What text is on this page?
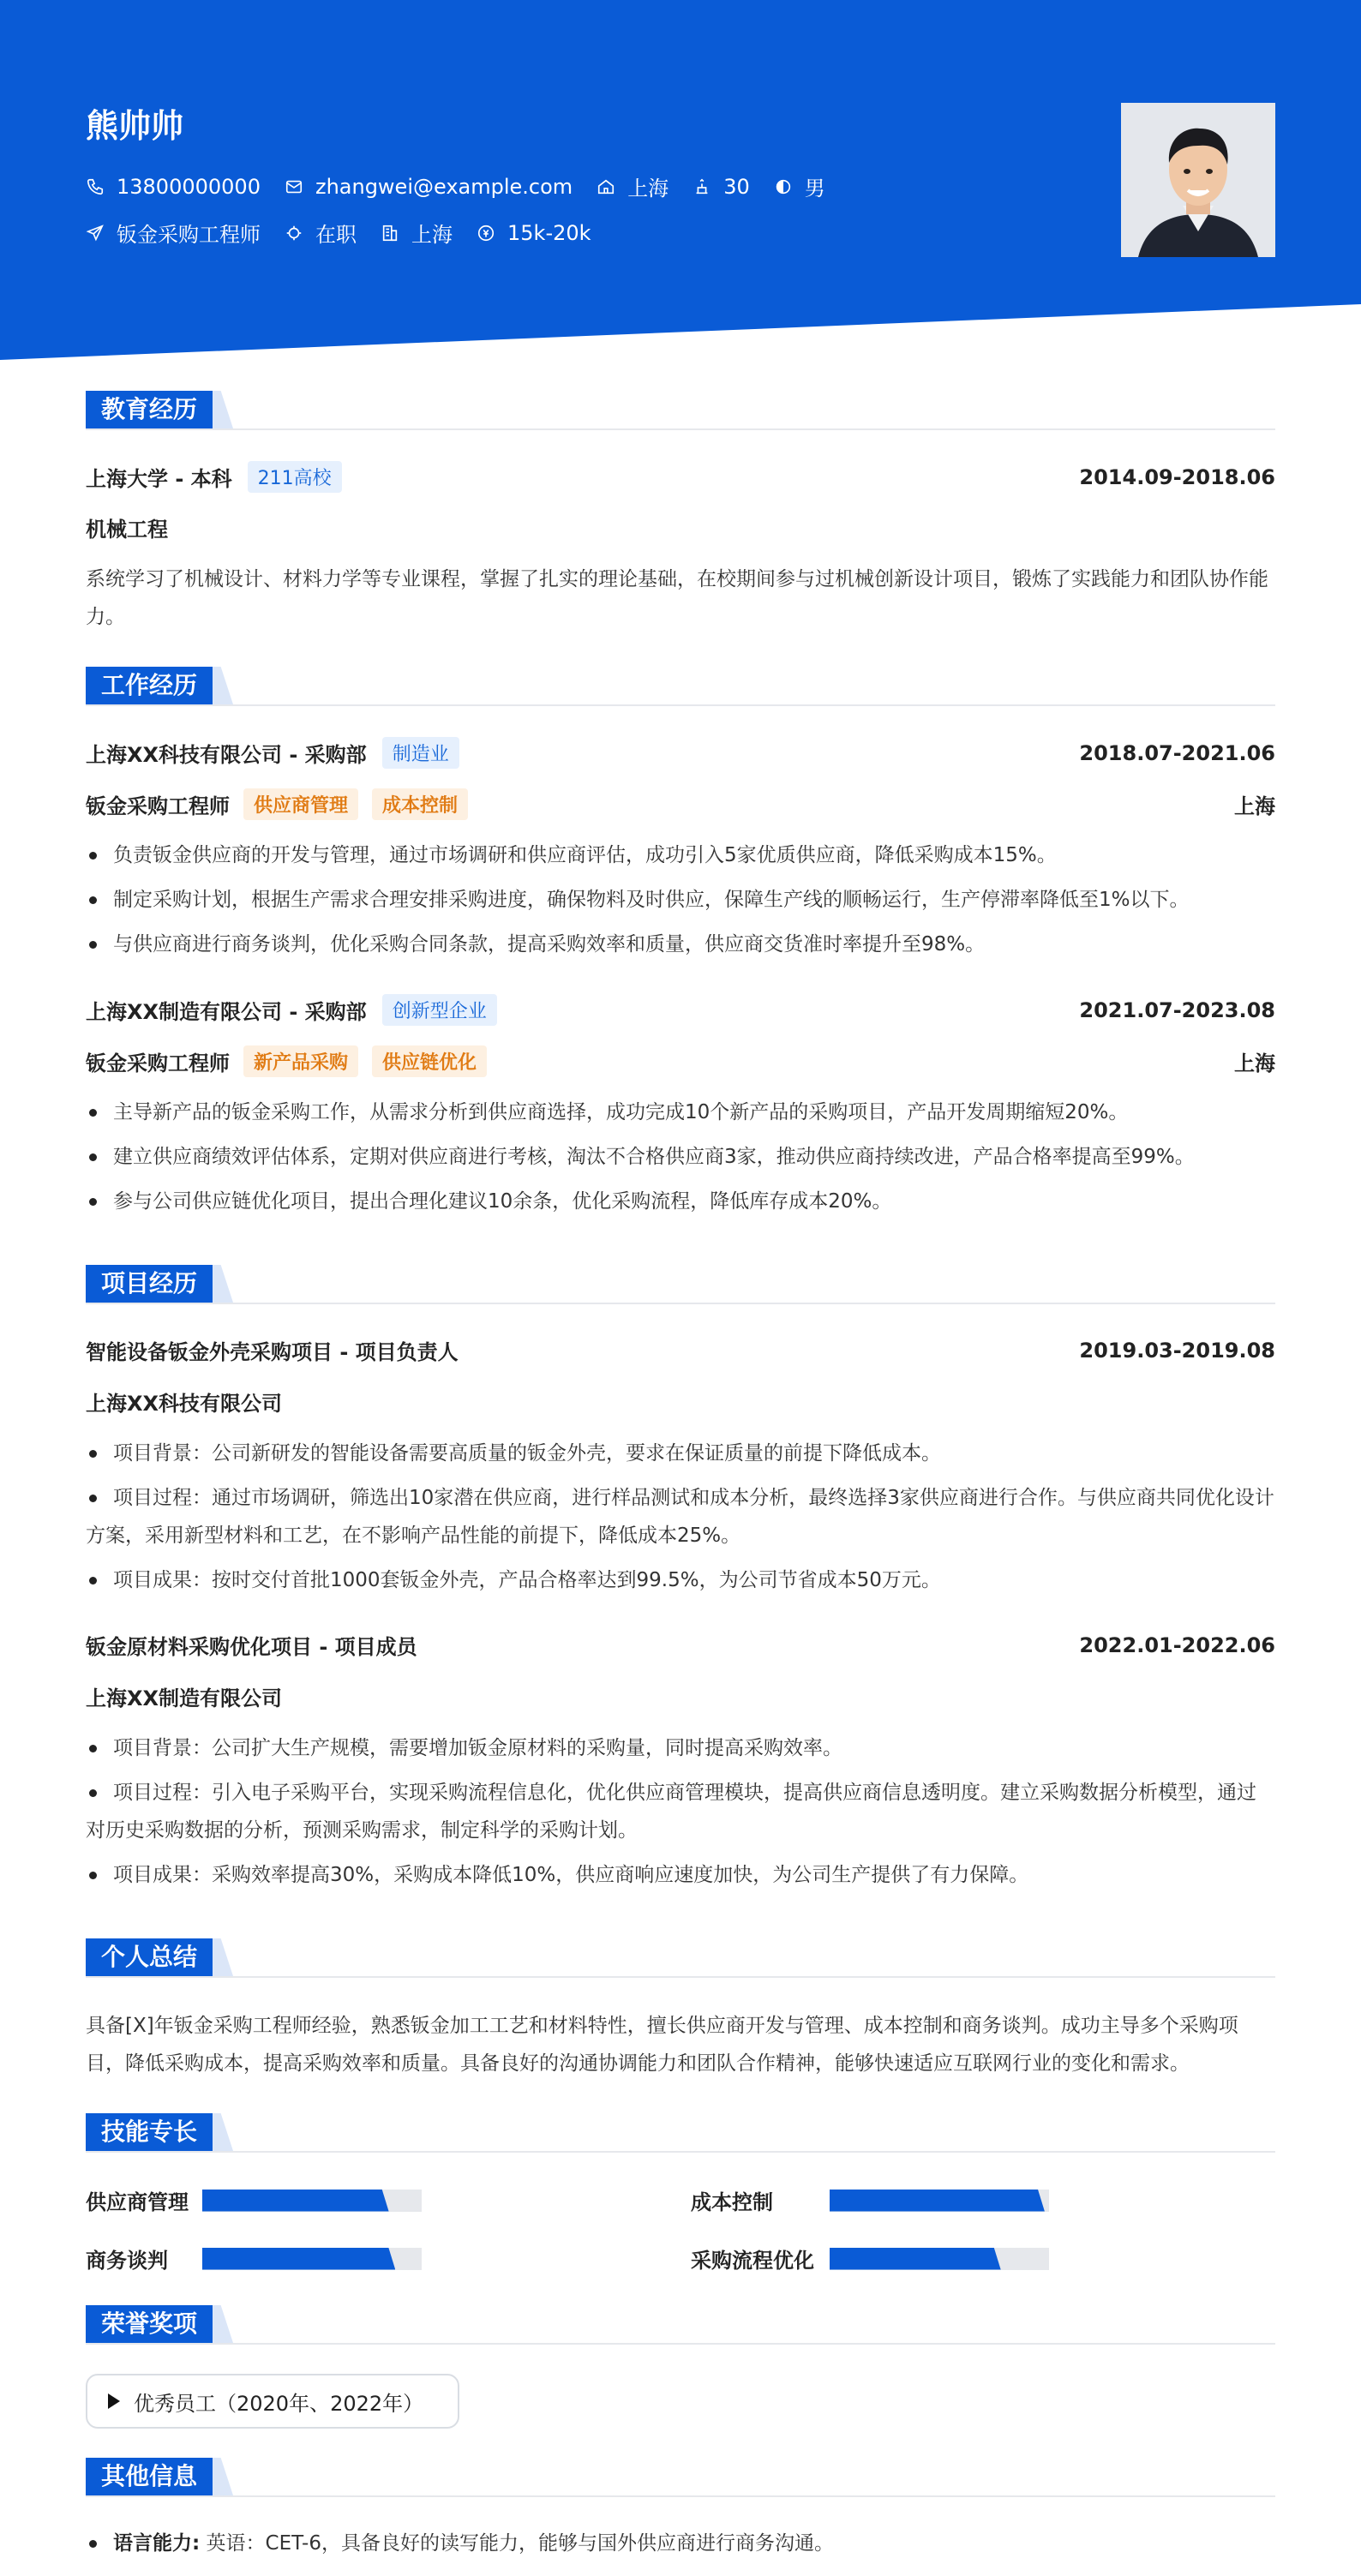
熊帅帅
13800000000	zhangwei@example.com	上海	30	男
钣金采购工程师	在职	上海	15k-20k
教育经历
上海大学 - 本科	211高校	2014.09-2018.06
机械工程
系统学习了机械设计、材料力学等专业课程，掌握了扎实的理论基础，在校期间参与过机械创新设计项目，锻炼了实践能力和团队协作能力。
工作经历
上海XX科技有限公司 - 采购部	制造业	2018.07-2021.06
钣金采购工程师	供应商管理	成本控制	上海
负责钣金供应商的开发与管理，通过市场调研和供应商评估，成功引入5家优质供应商，降低采购成本15%。
制定采购计划，根据生产需求合理安排采购进度，确保物料及时供应，保障生产线的顺畅运行，生产停滞率降低至1%以下。
与供应商进行商务谈判，优化采购合同条款，提高采购效率和质量，供应商交货准时率提升至98%。
上海XX制造有限公司 - 采购部	创新型企业	2021.07-2023.08
钣金采购工程师	新产品采购	供应链优化	上海
主导新产品的钣金采购工作，从需求分析到供应商选择，成功完成10个新产品的采购项目，产品开发周期缩短20%。
建立供应商绩效评估体系，定期对供应商进行考核，淘汰不合格供应商3家，推动供应商持续改进，产品合格率提高至99%。
参与公司供应链优化项目，提出合理化建议10余条，优化采购流程，降低库存成本20%。
项目经历
智能设备钣金外壳采购项目 - 项目负责人	2019.03-2019.08
上海XX科技有限公司
项目背景：公司新研发的智能设备需要高质量的钣金外壳，要求在保证质量的前提下降低成本。
项目过程：通过市场调研，筛选出10家潜在供应商，进行样品测试和成本分析，最终选择3家供应商进行合作。与供应商共同优化设计方案，采用新型材料和工艺，在不影响产品性能的前提下，降低成本25%。
项目成果：按时交付首批1000套钣金外壳，产品合格率达到99.5%，为公司节省成本50万元。
钣金原材料采购优化项目 - 项目成员	2022.01-2022.06
上海XX制造有限公司
项目背景：公司扩大生产规模，需要增加钣金原材料的采购量，同时提高采购效率。
项目过程：引入电子采购平台，实现采购流程信息化，优化供应商管理模块，提高供应商信息透明度。建立采购数据分析模型，通过对历史采购数据的分析，预测采购需求，制定科学的采购计划。
项目成果：采购效率提高30%，采购成本降低10%，供应商响应速度加快，为公司生产提供了有力保障。
个人总结
具备[X]年钣金采购工程师经验，熟悉钣金加工工艺和材料特性，擅长供应商开发与管理、成本控制和商务谈判。成功主导多个采购项目，降低采购成本，提高采购效率和质量。具备良好的沟通协调能力和团队合作精神，能够快速适应互联网行业的变化和需求。
技能专长
供应商管理	成本控制
商务谈判	采购流程优化
荣誉奖项
优秀员工（2020年、2022年）
其他信息
语言能力: 英语：CET-6，具备良好的读写能力，能够与国外供应商进行商务沟通。
